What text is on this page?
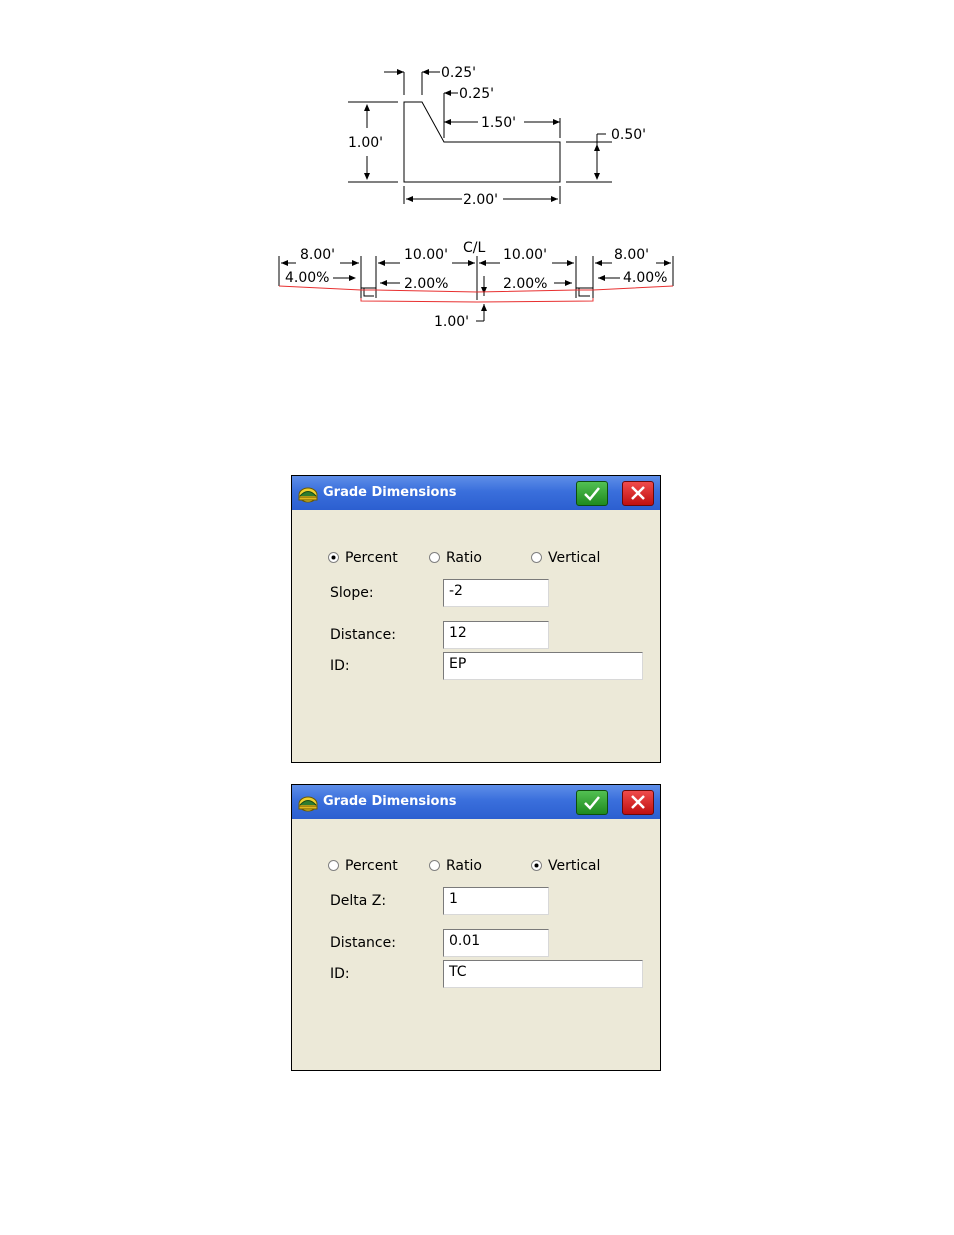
0.25'
0.25'
1.50'
1.00'	0.50'
2.00'
8.00'	10.00' C/L 10.00'	8.00'
4.00%	2.00%	2.00%	4.00%
1.00'
Grade Dimensions
Percent	Ratio	Vertical
Slope:	-2
Distance:	12
ID:	EP
Grade Dimensions
Percent	Ratio	Vertical
Delta Z:	1
Distance:	0.01
ID:	TC
